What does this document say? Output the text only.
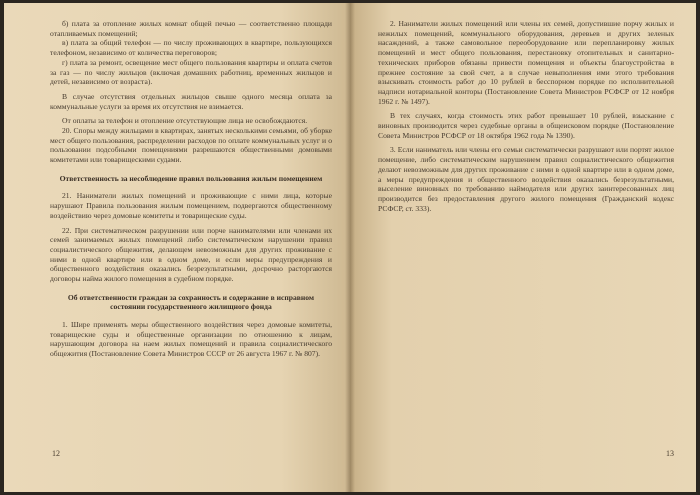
б) плата за отопление жилых комнат общей печью — соответственно площади отапливаемых помещений;

в) плата за общий телефон — по числу проживающих в квартире, пользующихся телефоном, независимо от количества переговоров;

г) плата за ремонт, освещение мест общего пользования квартиры и оплата счетов за газ — по числу жильцов (включая домашних работниц, временных жильцов и детей, независимо от возраста).

В случае отсутствия отдельных жильцов свыше одного месяца оплата за коммунальные услуги за время их отсутствия не взимается.

От оплаты за телефон и отопление отсутствующие лица не освобождаются.

20. Споры между жильцами в квартирах, занятых несколькими семьями, об уборке мест общего пользования, распределении расходов по оплате коммунальных услуг и о пользовании подсобными помещениями разрешаются общественными домовыми комитетами или товарищескими судами.

Ответственность за несоблюдение правил пользования жилым помещением

21. Наниматели жилых помещений и проживающие с ними лица, которые нарушают Правила пользования жилым помещением, подвергаются общественному воздействию через домовые комитеты и товарищеские суды.

22. При систематическом разрушении или порче нанимателями или членами их семей занимаемых жилых помещений либо систематическом нарушении правил социалистического общежития, делающем невозможным для других проживание с ними в одной квартире или в одном доме, и если меры предупреждения и общественного воздействия оказались безрезультатными, досрочно расторгаются договоры найма жилого помещения в судебном порядке.

Об ответственности граждан за сохранность и содержание в исправном состоянии государственного жилищного фонда

1. Шире применять меры общественного воздействия через домовые комитеты, товарищеские суды и общественные организации по отношению к лицам, нарушающим договора на наем жилых помещений и правила социалистического общежития (Постановление Совета Министров СССР от 26 августа 1967 г. № 807).

12

2. Наниматели жилых помещений или члены их семей, допустившие порчу жилых и нежилых помещений, коммунального оборудования, деревьев и других зеленых насаждений, а также самовольное переоборудование или перепланировку жилых помещений и мест общего пользования, перестановку отопительных и санитарно-технических приборов обязаны привести помещения и объекты благоустройства в прежнее состояние за свой счет, а в случае невыполнения ими этого требования взыскивать стоимость работ до 10 рублей в бесспорном порядке по исполнительной надписи нотариальной конторы (Постановление Совета Министров РСФСР от 12 ноября 1962 г. № 1497).

В тех случаях, когда стоимость этих работ превышает 10 рублей, взыскание с виновных производится через судебные органы в общеисковом порядке (Постановление Совета Министров РСФСР от 18 октября 1962 года № 1390).

3. Если наниматель или члены его семьи систематически разрушают или портят жилое помещение, либо систематическим нарушением правил социалистического общежития делают невозможным для других проживание с ними в одной квартире или в одном доме, а меры предупреждения и общественного воздействия оказались безрезультатными, выселение виновных по требованию наймодателя или других заинтересованных лиц производится без предоставления другого жилого помещения (Гражданский кодекс РСФСР, ст. 333).

13
